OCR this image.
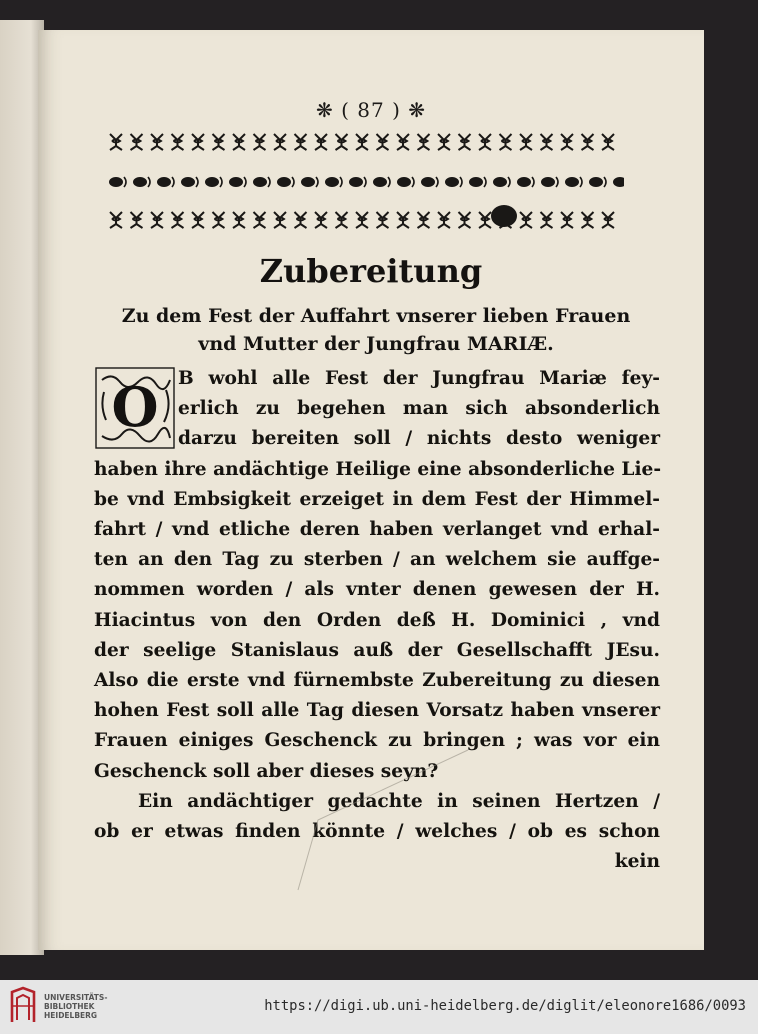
❋ ( 87 ) ❋
Zubereitung
Zu dem Fest der Auffahrt vnserer lieben Frauen
vnd Mutter der Jungfrau MARIÆ.
O	B wohl alle Fest der Jungfrau Mariæ fey-
erlich zu begehen man sich absonderlich
darzu bereiten soll / nichts desto weniger
haben ihre andächtige Heilige eine absonderliche Lie-
be vnd Embsigkeit erzeiget in dem Fest der Himmel-
fahrt / vnd etliche deren haben verlanget vnd erhal-
ten an den Tag zu sterben / an welchem sie auffge-
nommen worden / als vnter denen gewesen der H.
Hiacintus von den Orden deß H. Dominici , vnd
der seelige Stanislaus auß der Gesellschafft JEsu.
Also die erste vnd fürnembste Zubereitung zu diesen
hohen Fest soll alle Tag diesen Vorsatz haben vnserer
Frauen einiges Geschenck zu bringen ; was vor ein
Geschenck soll aber dieses seyn?
Ein andächtiger gedachte in seinen Hertzen /
ob er etwas finden könnte / welches / ob es schon
kein
UNIVERSITÄTS-
BIBLIOTHEK
HEIDELBERG
https://digi.ub.uni-heidelberg.de/diglit/eleonore1686/0093
